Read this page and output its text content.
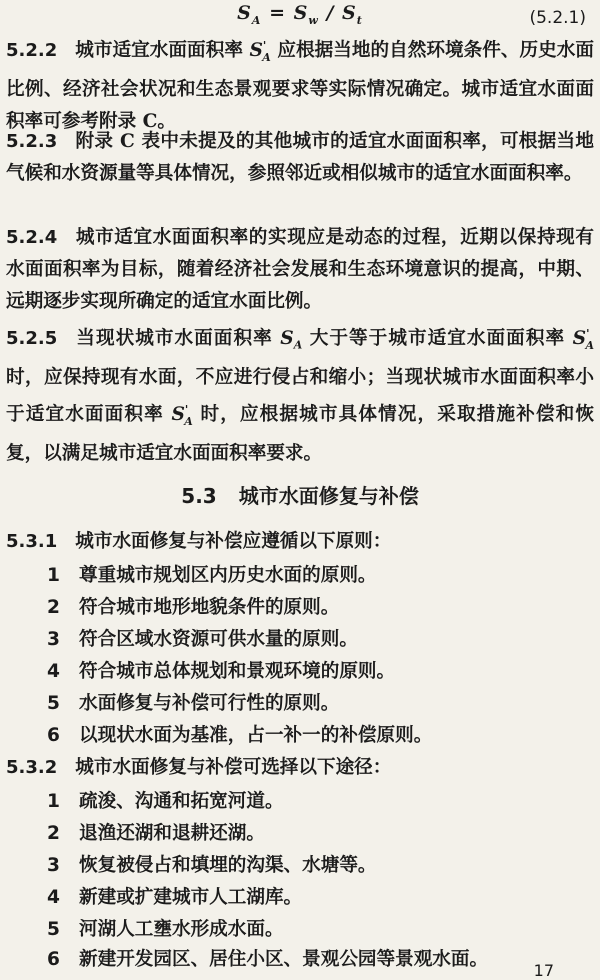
$S_A = S_w / S_t$	(5.2.1)
5.2.2 城市适宜水面面积率 $S'_A$ 应根据当地的自然环境条件、历史水面比例、经济社会状况和生态景观要求等实际情况确定。城市适宜水面面积率可参考附录 C。
5.2.3 附录 C 表中未提及的其他城市的适宜水面面积率，可根据当地气候和水资源量等具体情况，参照邻近或相似城市的适宜水面面积率。
5.2.4 城市适宜水面面积率的实现应是动态的过程，近期以保持现有水面面积率为目标，随着经济社会发展和生态环境意识的提高，中期、远期逐步实现所确定的适宜水面比例。
5.2.5 当现状城市水面面积率 $S_A$ 大于等于城市适宜水面面积率 $S'_A$ 时，应保持现有水面，不应进行侵占和缩小；当现状城市水面面积率小于适宜水面面积率 $S'_A$ 时，应根据城市具体情况，采取措施补偿和恢复，以满足城市适宜水面面积率要求。
5.3 城市水面修复与补偿
5.3.1 城市水面修复与补偿应遵循以下原则：
1 尊重城市规划区内历史水面的原则。
2 符合城市地形地貌条件的原则。
3 符合区域水资源可供水量的原则。
4 符合城市总体规划和景观环境的原则。
5 水面修复与补偿可行性的原则。
6 以现状水面为基准，占一补一的补偿原则。
5.3.2 城市水面修复与补偿可选择以下途径：
1 疏浚、沟通和拓宽河道。
2 退渔还湖和退耕还湖。
3 恢复被侵占和填埋的沟渠、水塘等。
4 新建或扩建城市人工湖库。
5 河湖人工壅水形成水面。
6 新建开发园区、居住小区、景观公园等景观水面。
17
